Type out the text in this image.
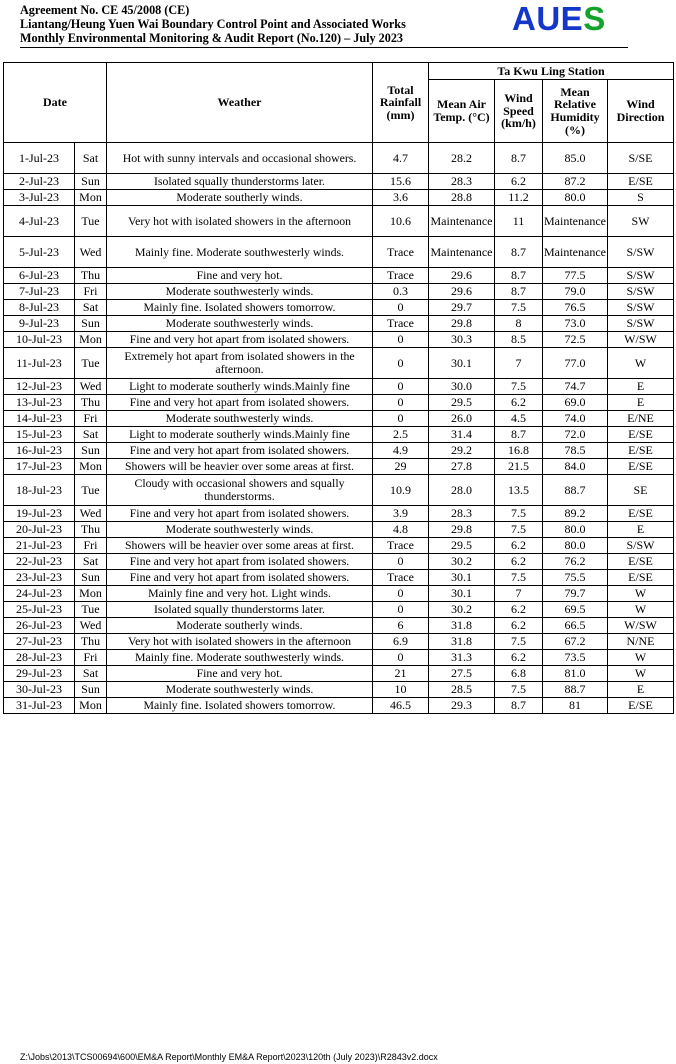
Agreement No. CE 45/2008 (CE)
Liantang/Heung Yuen Wai Boundary Control Point and Associated Works
Monthly Environmental Monitoring & Audit Report (No.120) – July 2023
AUES
Date		Weather	Total Rainfall (mm)	Ta Kwu Ling Station			
				Mean Air Temp. (°C)	Wind Speed (km/h)	Mean Relative Humidity (%)	Wind Direction
1-Jul-23	Sat	Hot with sunny intervals and occasional showers.	4.7	28.2	8.7	85.0	S/SE
2-Jul-23	Sun	Isolated squally thunderstorms later.	15.6	28.3	6.2	87.2	E/SE
3-Jul-23	Mon	Moderate southerly winds.	3.6	28.8	11.2	80.0	S
4-Jul-23	Tue	Very hot with isolated showers in the afternoon	10.6	Maintenance	11	Maintenance	SW
5-Jul-23	Wed	Mainly fine. Moderate southwesterly winds.	Trace	Maintenance	8.7	Maintenance	S/SW
6-Jul-23	Thu	Fine and very hot.	Trace	29.6	8.7	77.5	S/SW
7-Jul-23	Fri	Moderate southwesterly winds.	0.3	29.6	8.7	79.0	S/SW
8-Jul-23	Sat	Mainly fine. Isolated showers tomorrow.	0	29.7	7.5	76.5	S/SW
9-Jul-23	Sun	Moderate southwesterly winds.	Trace	29.8	8	73.0	S/SW
10-Jul-23	Mon	Fine and very hot apart from isolated showers.	0	30.3	8.5	72.5	W/SW
11-Jul-23	Tue	Extremely hot apart from isolated showers in the afternoon.	0	30.1	7	77.0	W
12-Jul-23	Wed	Light to moderate southerly winds.Mainly fine	0	30.0	7.5	74.7	E
13-Jul-23	Thu	Fine and very hot apart from isolated showers.	0	29.5	6.2	69.0	E
14-Jul-23	Fri	Moderate southwesterly winds.	0	26.0	4.5	74.0	E/NE
15-Jul-23	Sat	Light to moderate southerly winds.Mainly fine	2.5	31.4	8.7	72.0	E/SE
16-Jul-23	Sun	Fine and very hot apart from isolated showers.	4.9	29.2	16.8	78.5	E/SE
17-Jul-23	Mon	Showers will be heavier over some areas at first.	29	27.8	21.5	84.0	E/SE
18-Jul-23	Tue	Cloudy with occasional showers and squally thunderstorms.	10.9	28.0	13.5	88.7	SE
19-Jul-23	Wed	Fine and very hot apart from isolated showers.	3.9	28.3	7.5	89.2	E/SE
20-Jul-23	Thu	Moderate southwesterly winds.	4.8	29.8	7.5	80.0	E
21-Jul-23	Fri	Showers will be heavier over some areas at first.	Trace	29.5	6.2	80.0	S/SW
22-Jul-23	Sat	Fine and very hot apart from isolated showers.	0	30.2	6.2	76.2	E/SE
23-Jul-23	Sun	Fine and very hot apart from isolated showers.	Trace	30.1	7.5	75.5	E/SE
24-Jul-23	Mon	Mainly fine and very hot. Light winds.	0	30.1	7	79.7	W
25-Jul-23	Tue	Isolated squally thunderstorms later.	0	30.2	6.2	69.5	W
26-Jul-23	Wed	Moderate southerly winds.	6	31.8	6.2	66.5	W/SW
27-Jul-23	Thu	Very hot with isolated showers in the afternoon	6.9	31.8	7.5	67.2	N/NE
28-Jul-23	Fri	Mainly fine. Moderate southwesterly winds.	0	31.3	6.2	73.5	W
29-Jul-23	Sat	Fine and very hot.	21	27.5	6.8	81.0	W
30-Jul-23	Sun	Moderate southwesterly winds.	10	28.5	7.5	88.7	E
31-Jul-23	Mon	Mainly fine. Isolated showers tomorrow.	46.5	29.3	8.7	81	E/SE
Z:\Jobs\2013\TCS00694\600\EM&A Report\Monthly EM&A Report\2023\120th (July 2023)\R2843v2.docx
